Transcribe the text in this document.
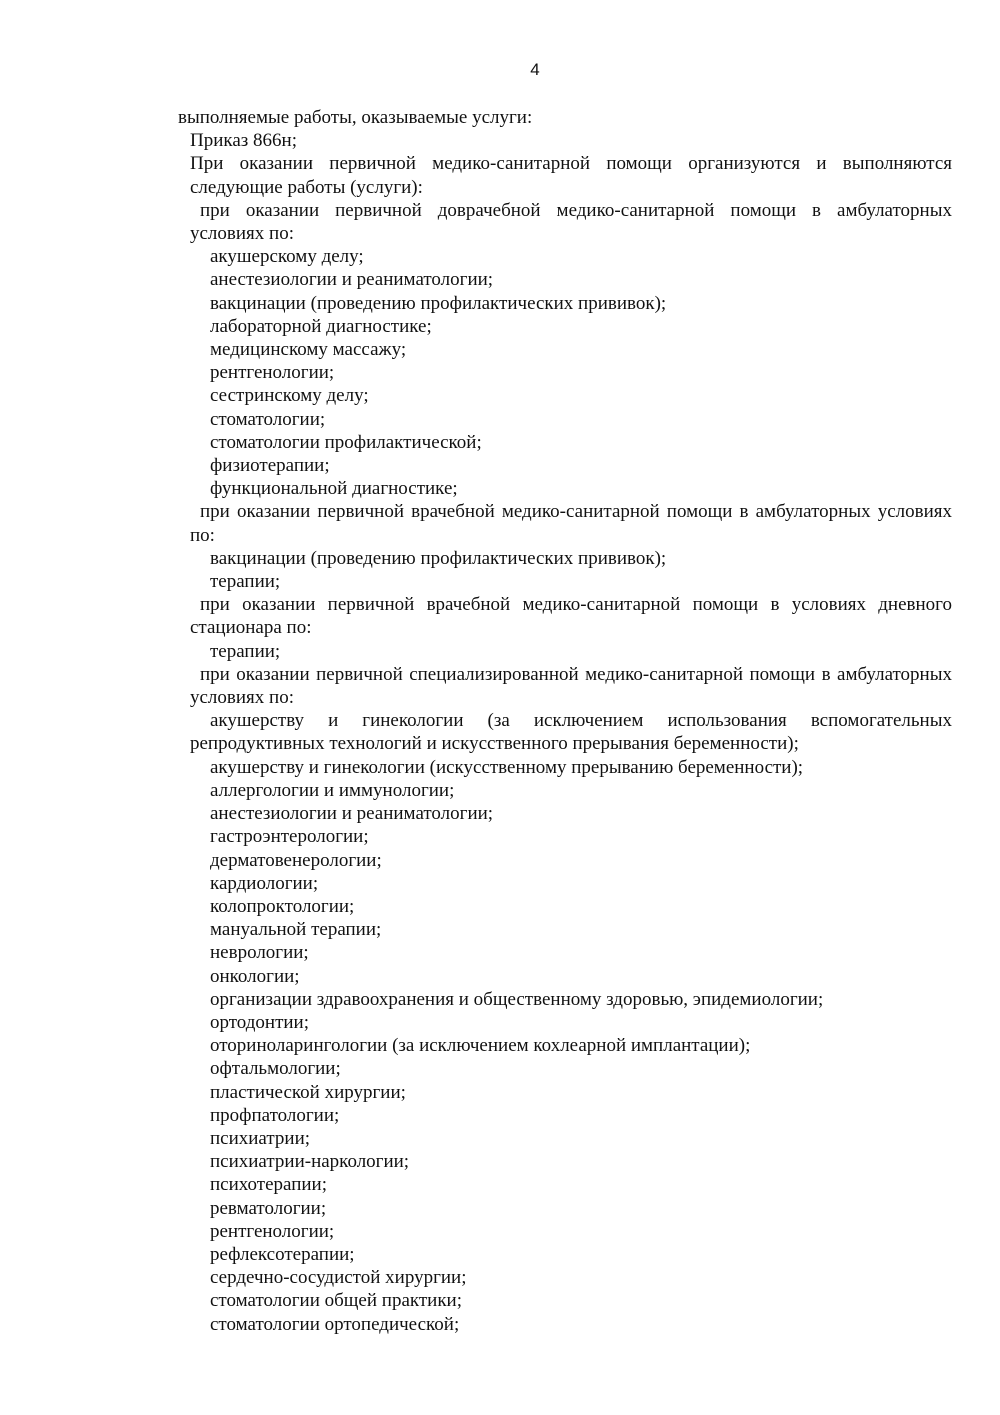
4
выполняемые работы, оказываемые услуги:
Приказ 866н;
При оказании первичной медико-санитарной помощи организуются и выполняются следующие работы (услуги):
при оказании первичной доврачебной медико-санитарной помощи в амбулаторных условиях по:
акушерскому делу;
анестезиологии и реаниматологии;
вакцинации (проведению профилактических прививок);
лабораторной диагностике;
медицинскому массажу;
рентгенологии;
сестринскому делу;
стоматологии;
стоматологии профилактической;
физиотерапии;
функциональной диагностике;
при оказании первичной врачебной медико-санитарной помощи в амбулаторных условиях по:
вакцинации (проведению профилактических прививок);
терапии;
при оказании первичной врачебной медико-санитарной помощи в условиях дневного стационара по:
терапии;
при оказании первичной специализированной медико-санитарной помощи в амбулаторных условиях по:
акушерству и гинекологии (за исключением использования вспомогательных репродуктивных технологий и искусственного прерывания беременности);
акушерству и гинекологии (искусственному прерыванию беременности);
аллергологии и иммунологии;
анестезиологии и реаниматологии;
гастроэнтерологии;
дерматовенерологии;
кардиологии;
колопроктологии;
мануальной терапии;
неврологии;
онкологии;
организации здравоохранения и общественному здоровью, эпидемиологии;
ортодонтии;
оториноларингологии (за исключением кохлеарной имплантации);
офтальмологии;
пластической хирургии;
профпатологии;
психиатрии;
психиатрии-наркологии;
психотерапии;
ревматологии;
рентгенологии;
рефлексотерапии;
сердечно-сосудистой хирургии;
стоматологии общей практики;
стоматологии ортопедической;
